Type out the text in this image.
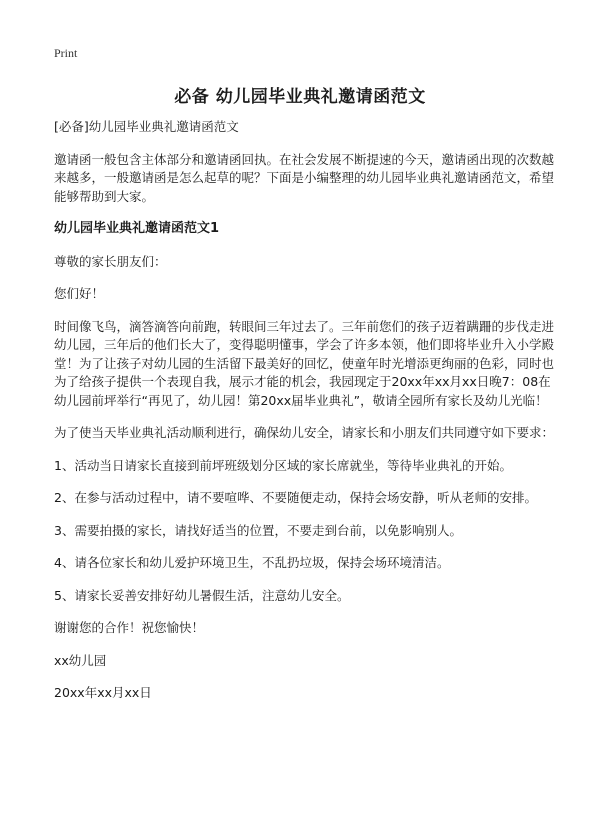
Print
必备 幼儿园毕业典礼邀请函范文

[必备]幼儿园毕业典礼邀请函范文

邀请函一般包含主体部分和邀请函回执。在社会发展不断提速的今天，邀请函出现的次数越来越多，一般邀请函是怎么起草的呢？下面是小编整理的幼儿园毕业典礼邀请函范文，希望能够帮助到大家。

幼儿园毕业典礼邀请函范文1

尊敬的家长朋友们：

您们好！

时间像飞鸟，滴答滴答向前跑，转眼间三年过去了。三年前您们的孩子迈着蹒跚的步伐走进幼儿园，三年后的他们长大了，变得聪明懂事，学会了许多本领，他们即将毕业升入小学殿堂！为了让孩子对幼儿园的生活留下最美好的回忆，使童年时光增添更绚丽的色彩，同时也为了给孩子提供一个表现自我，展示才能的机会，我园现定于20xx年xx月xx日晚7：08在幼儿园前坪举行“再见了，幼儿园！第20xx届毕业典礼”，敬请全园所有家长及幼儿光临！

为了使当天毕业典礼活动顺利进行，确保幼儿安全，请家长和小朋友们共同遵守如下要求：

1、活动当日请家长直接到前坪班级划分区域的家长席就坐，等待毕业典礼的开始。

2、在参与活动过程中，请不要喧哗、不要随便走动，保持会场安静，听从老师的安排。

3、需要拍摄的家长，请找好适当的位置，不要走到台前，以免影响别人。

4、请各位家长和幼儿爱护环境卫生，不乱扔垃圾，保持会场环境清洁。

5、请家长妥善安排好幼儿暑假生活，注意幼儿安全。

谢谢您的合作！祝您愉快！

xx幼儿园

20xx年xx月xx日
